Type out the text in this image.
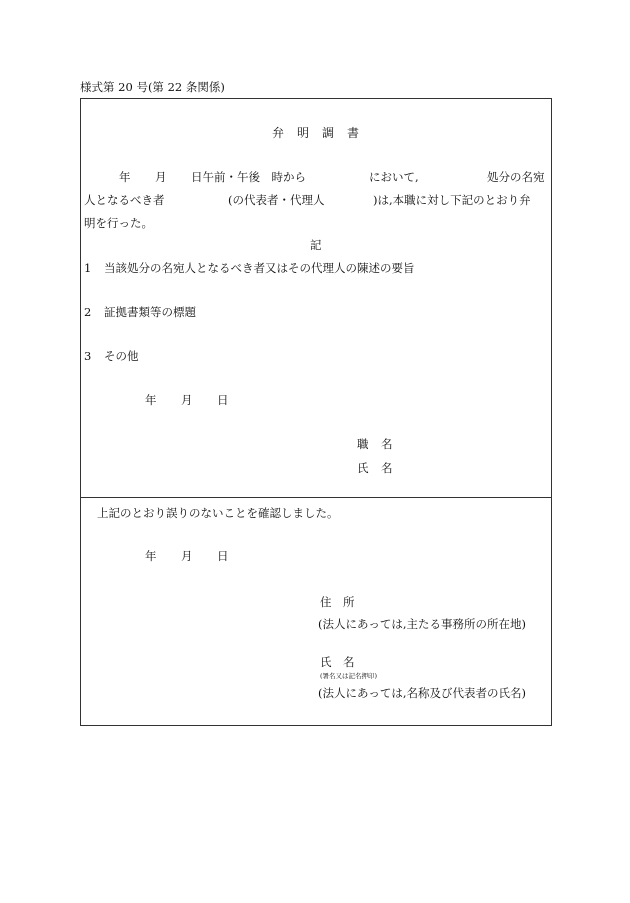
様式第 20 号(第 22 条関係)
弁 明 調 書
年 月 日午前・午後　時から	において,	処分の名宛
人となるべき者	(の代表者・代理人	)は,本職に対し下記のとおり弁
明を行った。
記
1 当該処分の名宛人となるべき者又はその代理人の陳述の要旨
2 証拠書類等の標題
3 その他
年 月 日
職 名
氏 名
上記のとおり誤りのないことを確認しました。
年 月 日
住 所
(法人にあっては,主たる事務所の所在地)
氏 名
(署名又は記名押印)
(法人にあっては,名称及び代表者の氏名)
